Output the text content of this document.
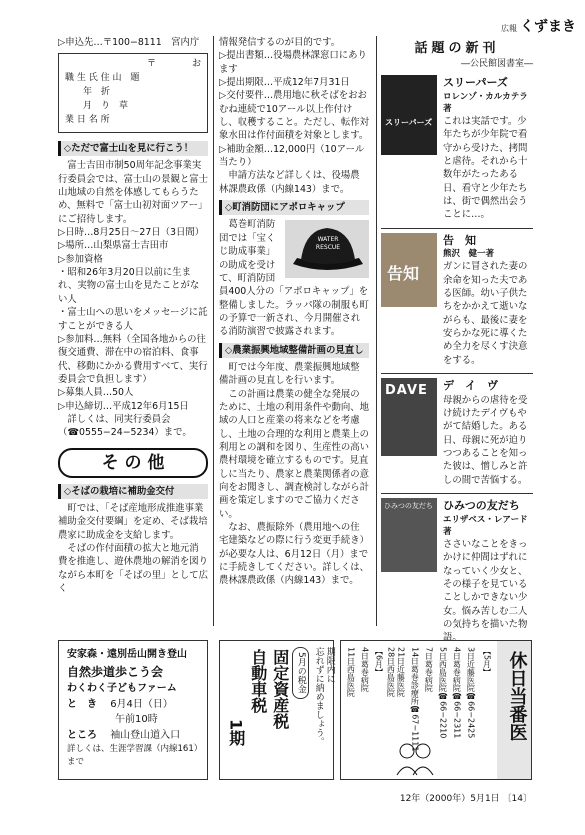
広報 くずまき

▷申込先…〒100−8111　宮内庁

〒　　　　お
職 生 氏 住 山　題
年　折　　
月　り　草
業 日 名 所　　
◇ただで富士山を見に行こう！

富士吉田市制50周年記念事業実行委員会では、富士山の景観と富士山地域の自然を体感してもらうため、無料で「富士山初対面ツアー」にご招待します。

▷日時…8月25日〜27日（3日間）

▷場所…山梨県富士吉田市

▷参加資格

・昭和26年3月20日以前に生まれ、実物の富士山を見たことがない人

・富士山への思いをメッセージに託すことができる人

▷参加料…無料（全国各地からの往復交通費、滞在中の宿泊料、食事代、移動にかかる費用すべて、実行委員会で負担します）

▷募集人員…50人

▷申込締切…平成12年6月15日

詳しくは、同実行委員会（☎0555−24−5234）まで。

そ の 他
◇そばの栽培に補助金交付

町では、「そば産地形成推進事業補助金交付要綱」を定め、そば栽培農家に助成金を支給します。

そばの作付面積の拡大と地元消費を推進し、遊休農地の解消を図りながら本町を「そばの里」として広く

情報発信するのが目的です。

▷提出書類…役場農林課窓口にあります

▷提出期限…平成12年7月31日

▷交付要件…農用地に秋そばをおおむね連続で10アール以上作付けし、収穫すること。ただし、転作対象水田は作付面積を対象とします。

▷補助金額…12,000円（10アール当たり）

申請方法など詳しくは、役場農林課農政係（内線143）まで。

◇町消防団にアポロキャップ
WATER RESCUE

葛巻町消防団では「宝くじ助成事業」の助成を受けて、町消防団員400人分の「アポロキャップ」を整備しました。ラッパ隊の制服も町の予算で一新され、今月開催される消防演習で披露されます。

◇農業振興地域整備計画の見直し

町では今年度、農業振興地域整備計画の見直しを行います。

この計画は農業の健全な発展のために、土地の利用条件や動向、地域の人口と産業の将来などを考慮し、土地の合理的な利用と農業上の利用との調和を図り、生産性の高い農村環境を確立するものです。見直しに当たり、農家と農業関係者の意向をお聞きし、調査検討しながら計画を策定しますのでご協力ください。

なお、農振除外（農用地への住宅建築などの際に行う変更手続き）が必要な人は、6月12日（月）までに手続きしてください。詳しくは、農林課農政係（内線143）まで。

話題の新刊
―公民館図書室―
スリーパーズ
スリーパーズ
ロレンゾ・カルカテラ著

これは実話です。少年たちが少年院で看守から受けた、拷問と虐待。それから十数年がたったある日、看守と少年たちは、街で偶然出会うことに…。

告知
告　知
熊沢　健一著

ガンに冒された妻の余命を知った夫である医師。幼い子供たちをかかえて逝いながらも、最後に妻を安らかな死に導くため全力を尽くす決意をする。

DAVE デ　イ　ヴ

母親からの虐待を受け続けたデイヴもやがて結婚した。ある日、母親に死が迫りつつあることを知った彼は、憎しみと許しの間で苦悩する。

ひみつの友だち ひみつの友だち
エリザベス・レアード著

ささいなことをきっかけに仲間はずれになっていく少女と、その様子を見ていることしかできない少女。悩み苦しむ二人の気持ちを描いた物語。

安家森・遠別岳山開き登山
自然歩道歩こう会
わくわく子どもファーム
と　き 6月4日（日）
午前10時
ところ 袖山登山道入口
詳しくは、生涯学習課（内線161）まで
1期
自動車税 固定資産税 5月の税金 忘れずに納めましょう。 期限内に	休日当番医
【5月】
【6月】	3日近藤医院☎66−2425
4日葛巻病院☎66−2311
5日西島医院☎66−2210
7日葛巻病院
14日葛巻診療所☎67−1111
21日近藤医院
28日西島医院
4日葛巻病院
11日西島医院
12年（2000年）5月1日 〔14〕
